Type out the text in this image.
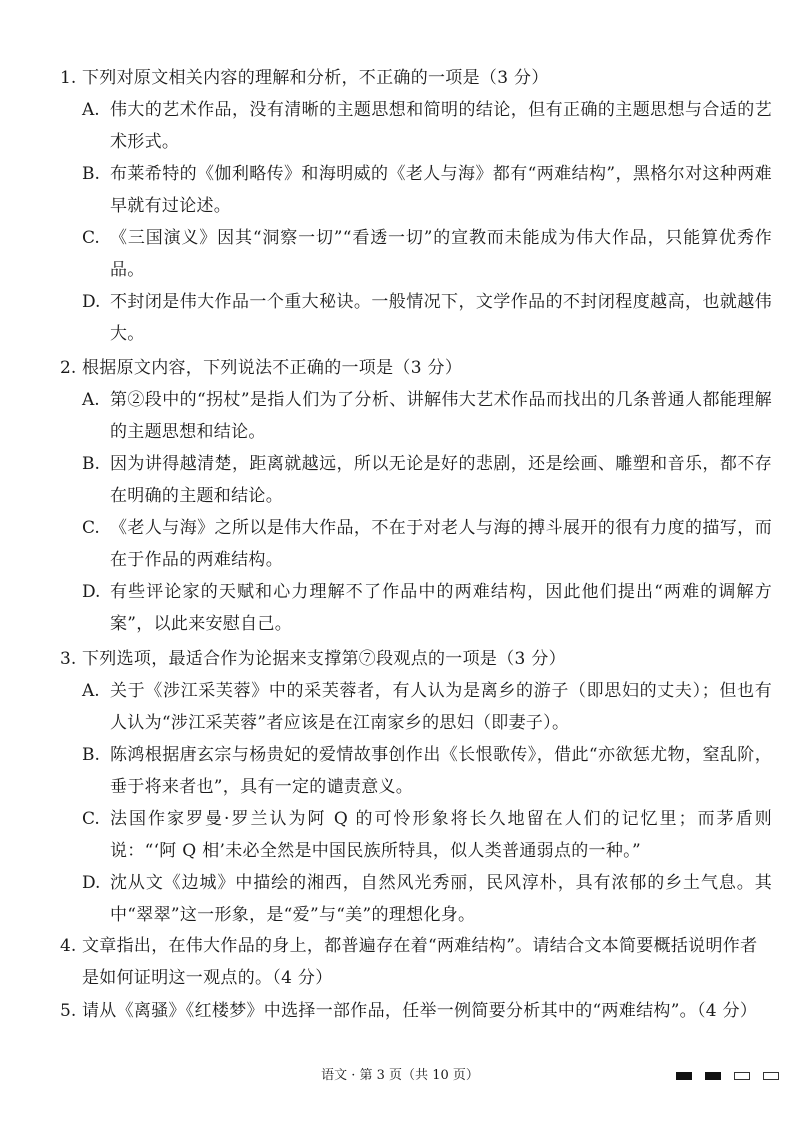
1. 下列对原文相关内容的理解和分析，不正确的一项是（3 分）
A. 伟大的艺术作品，没有清晰的主题思想和简明的结论，但有正确的主题思想与合适的艺术形式。
B. 布莱希特的《伽利略传》和海明威的《老人与海》都有“两难结构”，黑格尔对这种两难早就有过论述。
C. 《三国演义》因其“洞察一切”“看透一切”的宣教而未能成为伟大作品，只能算优秀作品。
D. 不封闭是伟大作品一个重大秘诀。一般情况下，文学作品的不封闭程度越高，也就越伟大。
2. 根据原文内容，下列说法不正确的一项是（3 分）
A. 第②段中的“拐杖”是指人们为了分析、讲解伟大艺术作品而找出的几条普通人都能理解的主题思想和结论。
B. 因为讲得越清楚，距离就越远，所以无论是好的悲剧，还是绘画、雕塑和音乐，都不存在明确的主题和结论。
C. 《老人与海》之所以是伟大作品，不在于对老人与海的搏斗展开的很有力度的描写，而在于作品的两难结构。
D. 有些评论家的天赋和心力理解不了作品中的两难结构，因此他们提出“两难的调解方案”，以此来安慰自己。
3. 下列选项，最适合作为论据来支撑第⑦段观点的一项是（3 分）
A. 关于《涉江采芙蓉》中的采芙蓉者，有人认为是离乡的游子（即思妇的丈夫）；但也有人认为“涉江采芙蓉”者应该是在江南家乡的思妇（即妻子）。
B. 陈鸿根据唐玄宗与杨贵妃的爱情故事创作出《长恨歌传》，借此“亦欲惩尤物，窒乱阶，垂于将来者也”，具有一定的谴责意义。
C. 法国作家罗曼·罗兰认为阿 Q 的可怜形象将长久地留在人们的记忆里；而茅盾则说：“‘阿 Q 相’未必全然是中国民族所特具，似人类普通弱点的一种。”
D. 沈从文《边城》中描绘的湘西，自然风光秀丽，民风淳朴，具有浓郁的乡土气息。其中“翠翠”这一形象，是“爱”与“美”的理想化身。
4. 文章指出，在伟大作品的身上，都普遍存在着“两难结构”。请结合文本简要概括说明作者是如何证明这一观点的。（4 分）
5. 请从《离骚》《红楼梦》中选择一部作品，任举一例简要分析其中的“两难结构”。（4 分）
语文 · 第 3 页（共 10 页）
